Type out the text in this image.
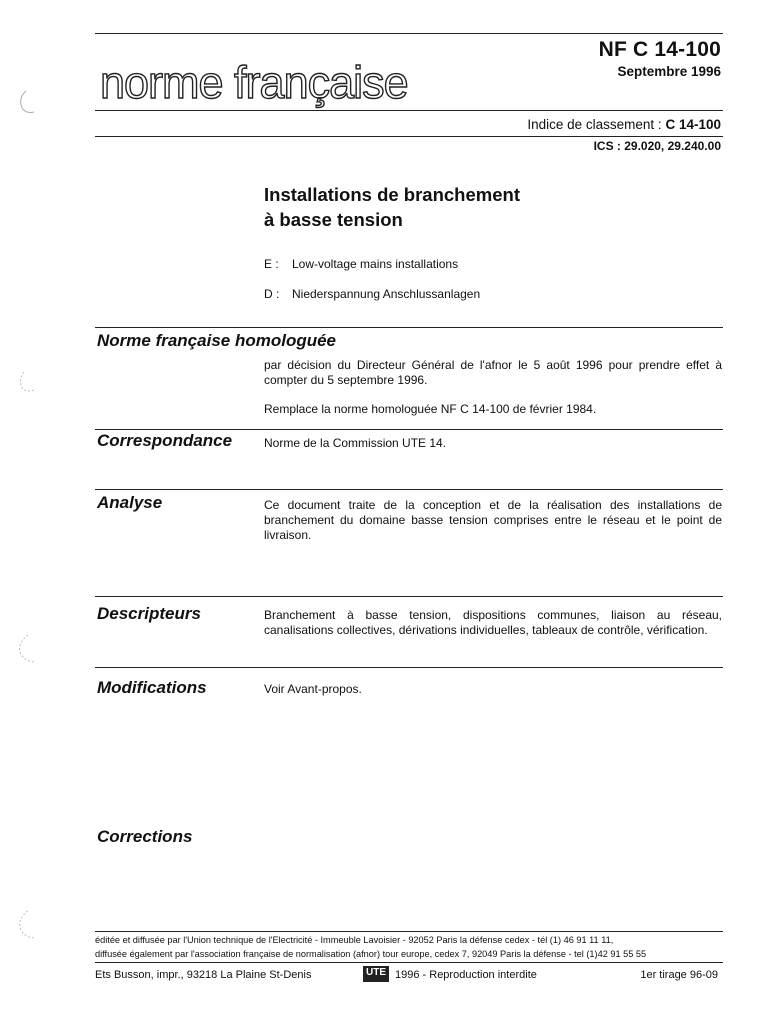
NF C 14-100
Septembre 1996
norme française
Indice de classement : C 14-100
ICS : 29.020, 29.240.00
Installations de branchement
à basse tension
E : Low-voltage mains installations
D : Niederspannung Anschlussanlagen
Norme française homologuée

par décision du Directeur Général de l'afnor le 5 août 1996 pour prendre effet à compter du 5 septembre 1996.

Remplace la norme homologuée NF C 14-100 de février 1984.

Correspondance	Norme de la Commission UTE 14.
Analyse	Ce document traite de la conception et de la réalisation des installations de branchement du domaine basse tension comprises entre le réseau et le point de livraison.
Descripteurs	Branchement à basse tension, dispositions communes, liaison au réseau, canalisations collectives, dérivations individuelles, tableaux de contrôle, vérification.
Modifications	Voir Avant-propos.
Corrections
éditée et diffusée par l'Union technique de l'Electricité - Immeuble Lavoisier - 92052 Paris la défense cedex - tél (1) 46 91 11 11,
diffusée également par l'association française de normalisation (afnor) tour europe, cedex 7, 92049 Paris la défense - tel (1)42 91 55 55
Ets Busson, impr., 93218 La Plaine St-Denis	UTE 1996 - Reproduction interdite	1er tirage 96-09
